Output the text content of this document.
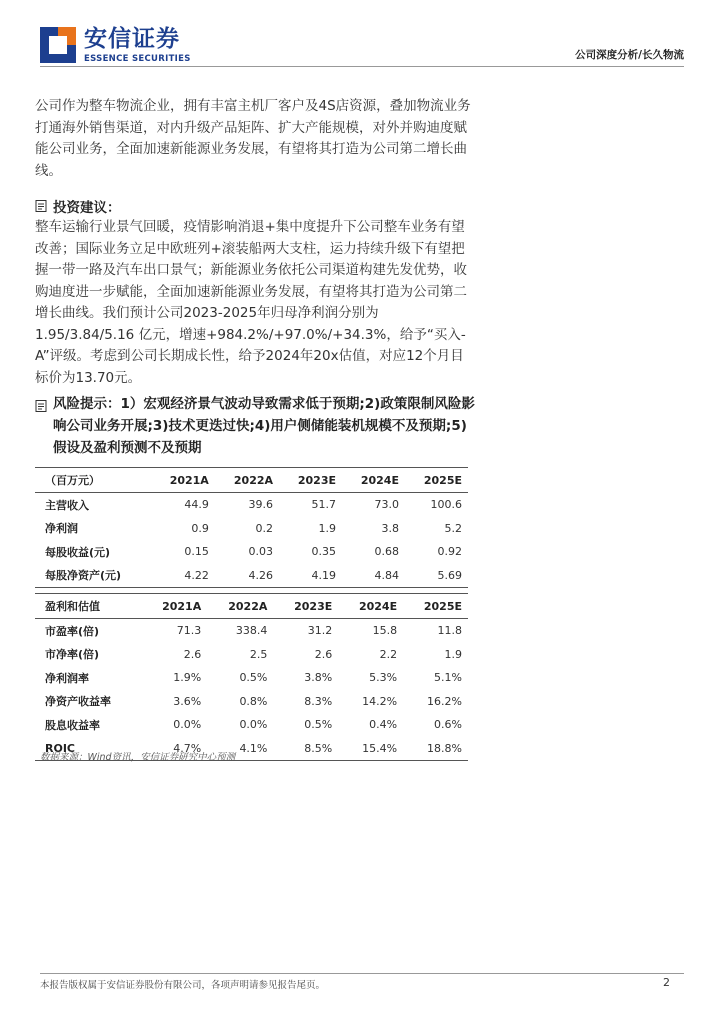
安信证券
ESSENCE SECURITIES	公司深度分析/长久物流
公司作为整车物流企业，拥有丰富主机厂客户及4S店资源，叠加物流业务打通海外销售渠道，对内升级产品矩阵、扩大产能规模，对外并购迪度赋能公司业务，全面加速新能源业务发展，有望将其打造为公司第二增长曲线。
投资建议：
整车运输行业景气回暖，疫情影响消退+集中度提升下公司整车业务有望改善；国际业务立足中欧班列+滚装船两大支柱，运力持续升级下有望把握一带一路及汽车出口景气；新能源业务依托公司渠道构建先发优势，收购迪度进一步赋能，全面加速新能源业务发展，有望将其打造为公司第二增长曲线。我们预计公司2023-2025年归母净利润分别为 1.95/3.84/5.16 亿元，增速+984.2%/+97.0%/+34.3%，给予“买入-A”评级。考虑到公司长期成长性，给予2024年20x估值，对应12个月目标价为13.70元。
风险提示：1）宏观经济景气波动导致需求低于预期;2)政策限制风险影响公司业务开展;3)技术更迭过快;4)用户侧储能装机规模不及预期;5)假设及盈利预测不及预期
（百万元）	2021A	2022A	2023E	2024E	2025E
主营收入	44.9	39.6	51.7	73.0	100.6
净利润	0.9	0.2	1.9	3.8	5.2
每股收益(元)	0.15	0.03	0.35	0.68	0.92
每股净资产(元)	4.22	4.26	4.19	4.84	5.69
盈利和估值	2021A	2022A	2023E	2024E	2025E
市盈率(倍)	71.3	338.4	31.2	15.8	11.8
市净率(倍)	2.6	2.5	2.6	2.2	1.9
净利润率	1.9%	0.5%	3.8%	5.3%	5.1%
净资产收益率	3.6%	0.8%	8.3%	14.2%	16.2%
股息收益率	0.0%	0.0%	0.5%	0.4%	0.6%
ROIC	4.7%	4.1%	8.5%	15.4%	18.8%
数据来源：Wind资讯，安信证券研究中心预测
本报告版权属于安信证券股份有限公司，各项声明请参见报告尾页。	2
